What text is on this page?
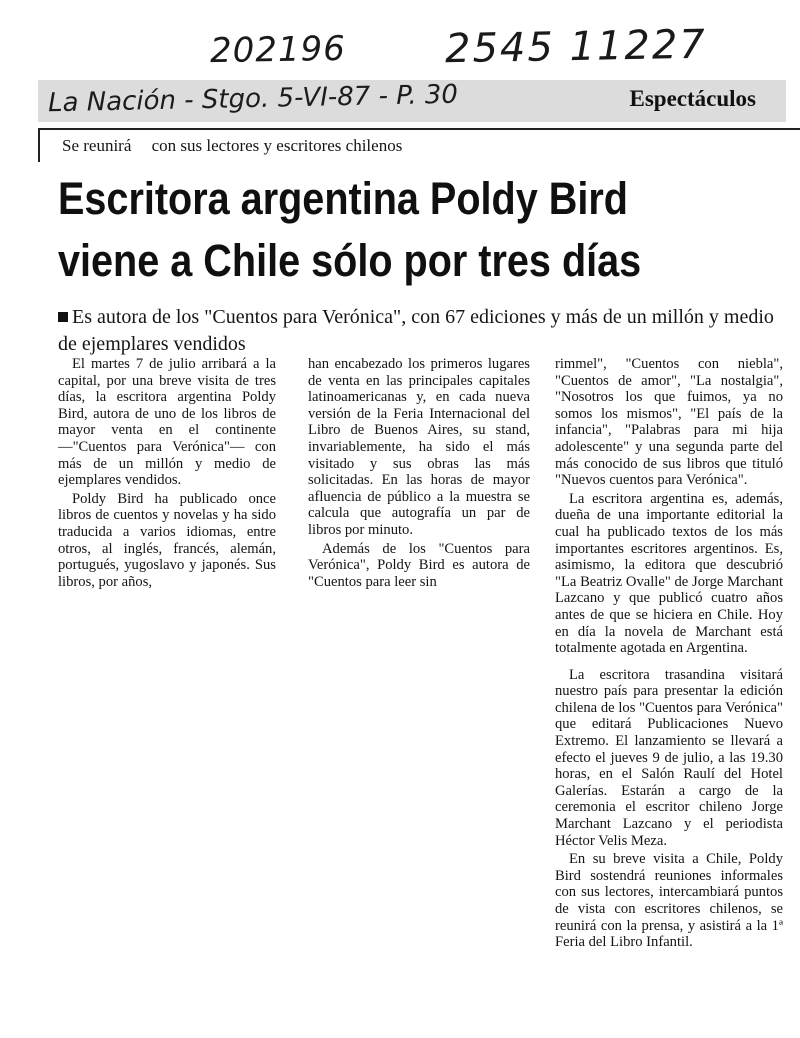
202196 2545 11227
La Nación - Stgo. 5-VI-87 - P. 30	Espectáculos
Se reunirá con sus lectores y escritores chilenos
Escritora argentina Poldy Bird
viene a Chile sólo por tres días

Es autora de los "Cuentos para Verónica", con 67 ediciones y más de un millón y medio de ejemplares vendidos

El martes 7 de julio arribará a la capital, por una breve visita de tres días, la escritora argentina Poldy Bird, autora de uno de los libros de mayor venta en el continente —"Cuentos para Verónica"— con más de un millón y medio de ejemplares vendidos.

Poldy Bird ha publicado once libros de cuentos y novelas y ha sido traducida a varios idiomas, entre otros, al inglés, francés, alemán, portugués, yugoslavo y japonés. Sus libros, por años,

han encabezado los primeros lugares de venta en las principales capitales latinoamericanas y, en cada nueva versión de la Feria Internacional del Libro de Buenos Aires, su stand, invariablemente, ha sido el más visitado y sus obras las más solicitadas. En las horas de mayor afluencia de público a la muestra se calcula que autografía un par de libros por minuto.

Además de los "Cuentos para Verónica", Poldy Bird es autora de "Cuentos para leer sin

rimmel", "Cuentos con niebla", "Cuentos de amor", "La nostalgia", "Nosotros los que fuimos, ya no somos los mismos", "El país de la infancia", "Palabras para mi hija adolescente" y una segunda parte del más conocido de sus libros que tituló "Nuevos cuentos para Verónica".

La escritora argentina es, además, dueña de una importante editorial la cual ha publicado textos de los más importantes escritores argentinos. Es, asimismo, la editora que descubrió "La Beatriz Ovalle" de Jorge Marchant Lazcano y que publicó cuatro años antes de que se hiciera en Chile. Hoy en día la novela de Marchant está totalmente agotada en Argentina.

La escritora trasandina visitará nuestro país para presentar la edición chilena de los "Cuentos para Verónica" que editará Publicaciones Nuevo Extremo. El lanzamiento se llevará a efecto el jueves 9 de julio, a las 19.30 horas, en el Salón Raulí del Hotel Galerías. Estarán a cargo de la ceremonia el escritor chileno Jorge Marchant Lazcano y el periodista Héctor Velis Meza.

En su breve visita a Chile, Poldy Bird sostendrá reuniones informales con sus lectores, intercambiará puntos de vista con escritores chilenos, se reunirá con la prensa, y asistirá a la 1ª Feria del Libro Infantil.
